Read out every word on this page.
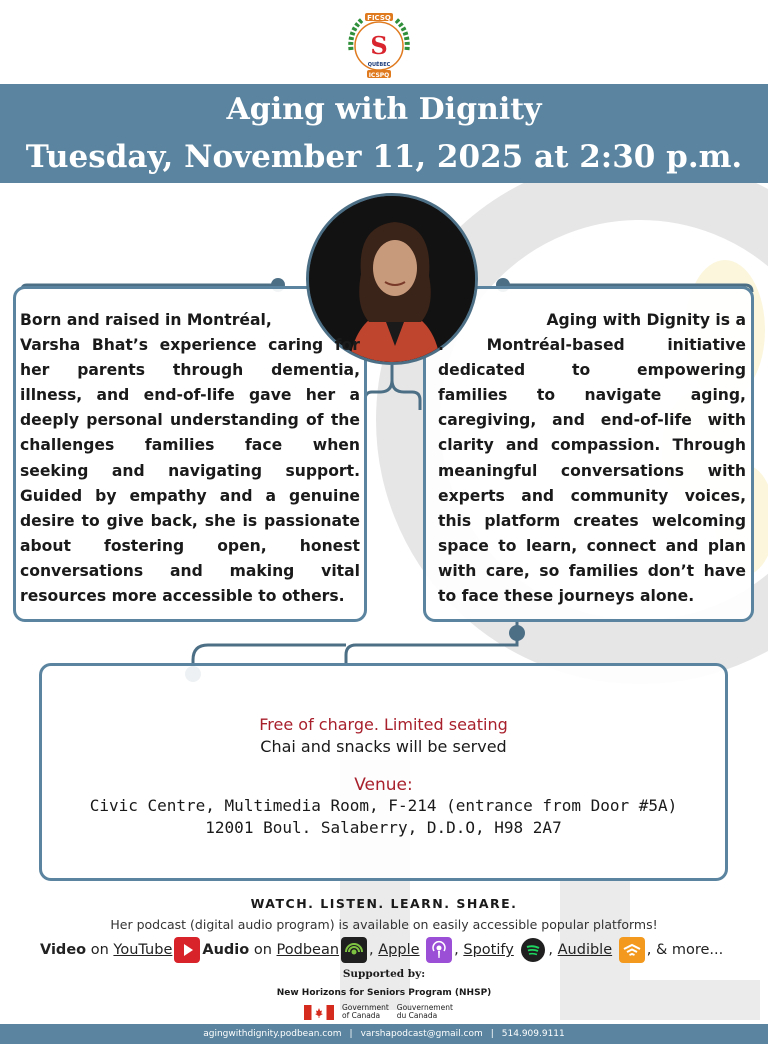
FICSQ
S
QUÉBEC
ICSPQ
Aging with Dignity
Tuesday, November 11, 2025 at 2:30 p.m.
Born and raised in Montréal,
Varsha Bhat’s experience caring for
her parents through dementia,
illness, and end-of-life gave her a
deeply personal understanding of the
challenges families face when
seeking and navigating support.
Guided by empathy and a genuine
desire to give back, she is passionate
about fostering open, honest
conversations and making vital
resources more accessible to others.
Aging with Dignity is a
. Montréal-based initiative
dedicated to empowering
families to navigate aging,
caregiving, and end-of-life with
clarity and compassion. Through
meaningful conversations with
experts and community voices,
this platform creates welcoming
space to learn, connect and plan
with care, so families don’t have
to face these journeys alone.
Free of charge. Limited seating
Chai and snacks will be served
Venue:
Civic Centre, Multimedia Room, F-214 (entrance from Door #5A)
12001 Boul. Salaberry, D.D.O, H98 2A7
WATCH. LISTEN. LEARN. SHARE.
Her podcast (digital audio program) is available on easily accessible popular platforms!
Video on YouTube Audio on Podbean , Apple
, Spotify
, Audible
, & more...
Supported by:
New Horizons for Seniors Program (NHSP)
Government
of Canada
Gouvernement
du Canada
agingwithdignity.podbean.com | varshapodcast@gmail.com | 514.909.9111
